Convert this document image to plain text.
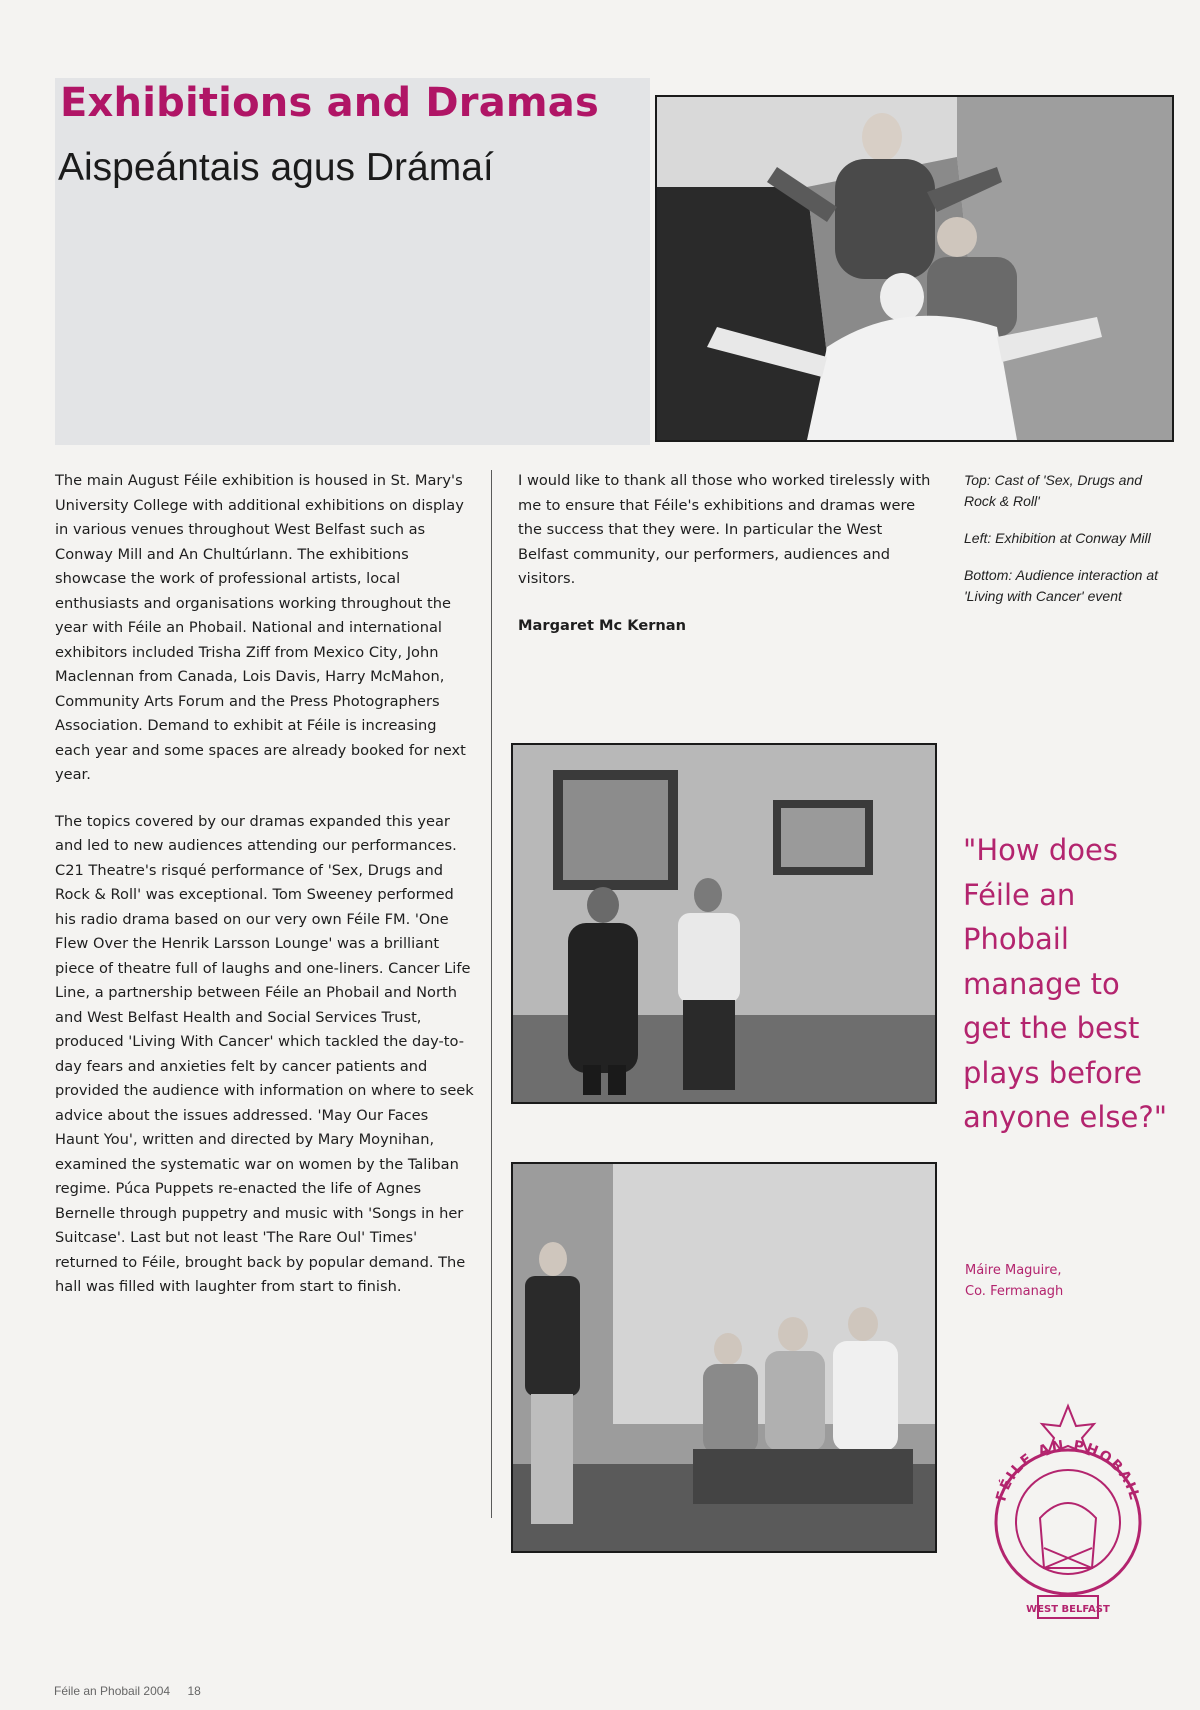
Exhibitions and Dramas
Aispeántais agus Drámaí

The main August Féile exhibition is housed in St. Mary's University College with additional exhibitions on display in various venues throughout West Belfast such as Conway Mill and An Chultúrlann. The exhibitions showcase the work of professional artists, local enthusiasts and organisations working throughout the year with Féile an Phobail. National and international exhibitors included Trisha Ziff from Mexico City, John Maclennan from Canada, Lois Davis, Harry McMahon, Community Arts Forum and the Press Photographers Association. Demand to exhibit at Féile is increasing each year and some spaces are already booked for next year.

The topics covered by our dramas expanded this year and led to new audiences attending our performances. C21 Theatre's risqué performance of 'Sex, Drugs and Rock & Roll' was exceptional. Tom Sweeney performed his radio drama based on our very own Féile FM. 'One Flew Over the Henrik Larsson Lounge' was a brilliant piece of theatre full of laughs and one-liners. Cancer Life Line, a partnership between Féile an Phobail and North and West Belfast Health and Social Services Trust, produced 'Living With Cancer' which tackled the day-to-day fears and anxieties felt by cancer patients and provided the audience with information on where to seek advice about the issues addressed. 'May Our Faces Haunt You', written and directed by Mary Moynihan, examined the systematic war on women by the Taliban regime. Púca Puppets re-enacted the life of Agnes Bernelle through puppetry and music with 'Songs in her Suitcase'. Last but not least 'The Rare Oul' Times' returned to Féile, brought back by popular demand. The hall was filled with laughter from start to finish.

I would like to thank all those who worked tirelessly with me to ensure that Féile's exhibitions and dramas were the success that they were. In particular the West Belfast community, our performers, audiences and visitors.

Margaret Mc Kernan

Top: Cast of 'Sex, Drugs and Rock & Roll'

Left: Exhibition at Conway Mill

Bottom: Audience interaction at 'Living with Cancer' event

"How does Féile an Phobail manage to get the best plays before anyone else?"

Máire Maguire,
Co. Fermanagh
FÉILE AN PHOBAIL
WEST BELFAST
Féile an Phobail 2004 18
